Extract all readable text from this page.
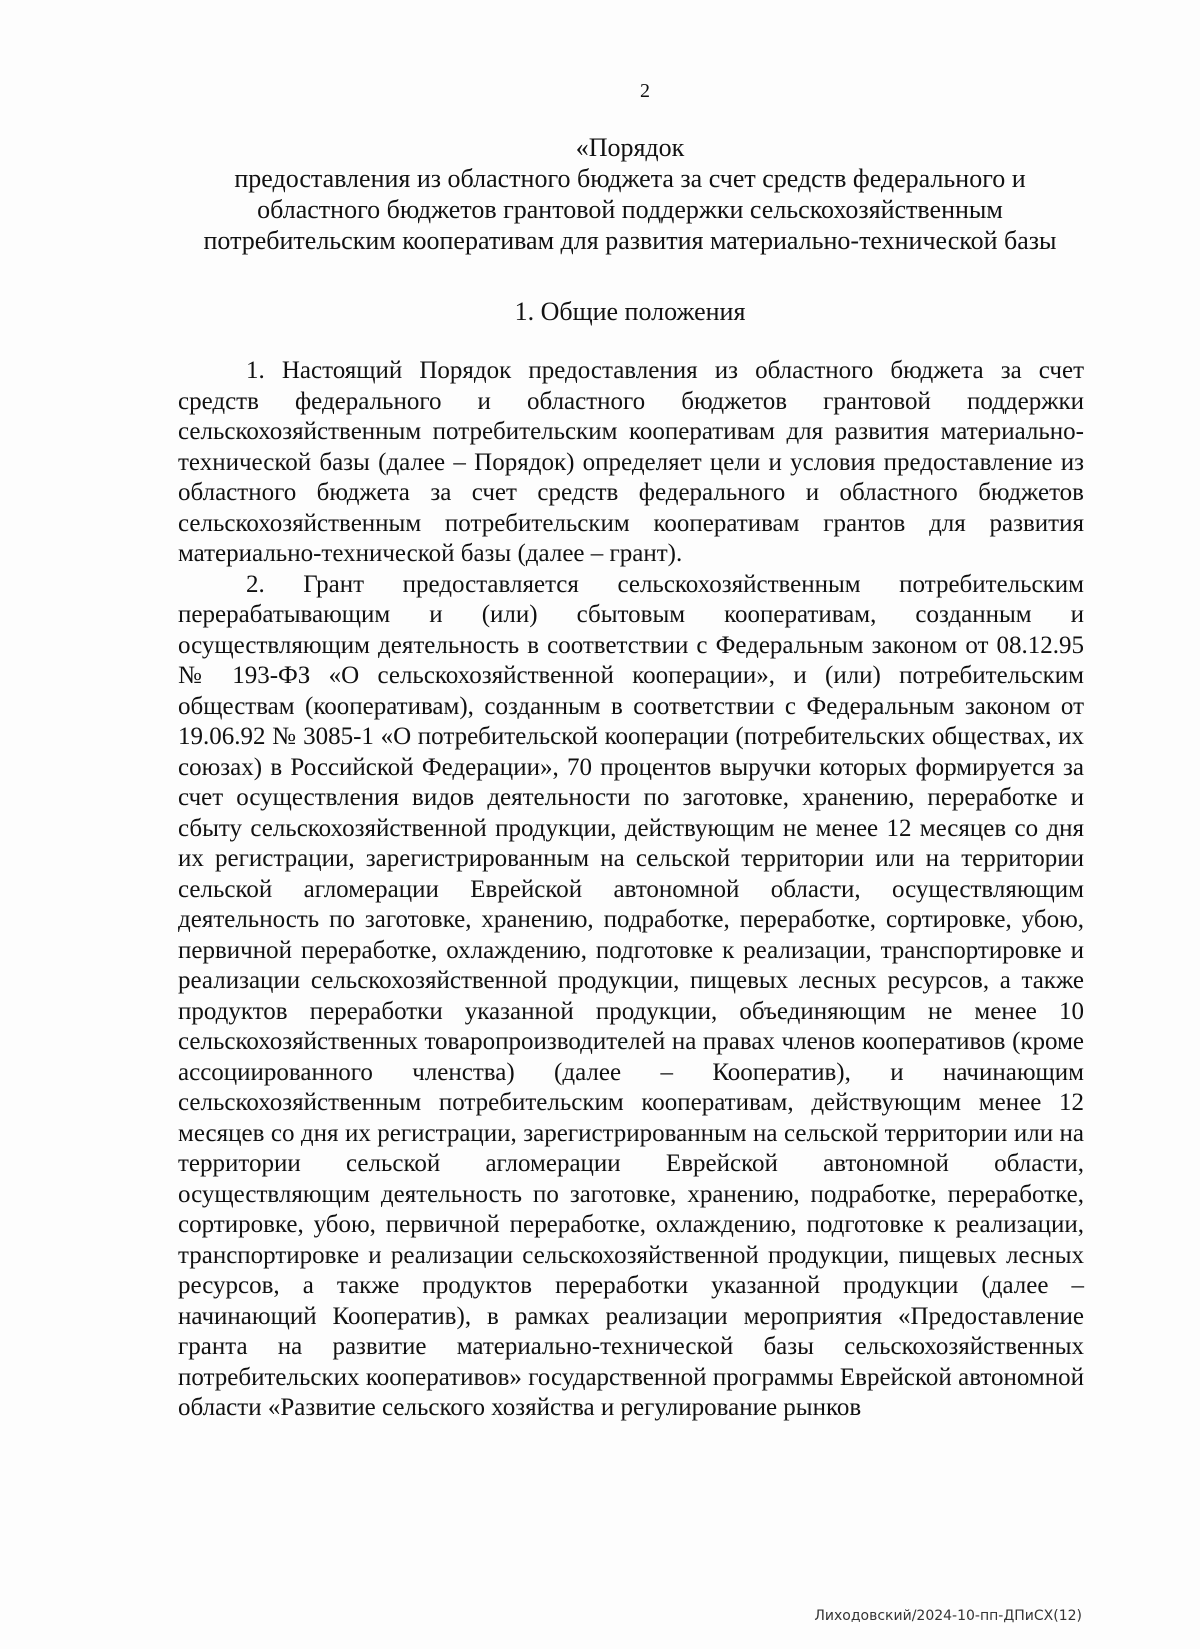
2
«Порядок
предоставления из областного бюджета за счет средств федерального и
областного бюджетов грантовой поддержки сельскохозяйственным
потребительским кооперативам для развития материально-технической базы
1. Общие положения

1. Настоящий Порядок предоставления из областного бюджета за счет средств федерального и областного бюджетов грантовой поддержки сельскохозяйственным потребительским кооперативам для развития материально-технической базы (далее – Порядок) определяет цели и условия предоставление из областного бюджета за счет средств федерального и областного бюджетов сельскохозяйственным потребительским кооперативам грантов для развития материально-технической базы (далее – грант).

2. Грант предоставляется сельскохозяйственным потребительским перерабатывающим и (или) сбытовым кооперативам, созданным и осуществляющим деятельность в соответствии с Федеральным законом от 08.12.95 № 193-ФЗ «О сельскохозяйственной кооперации», и (или) потребительским обществам (кооперативам), созданным в соответствии с Федеральным законом от 19.06.92 № 3085-1 «О потребительской кооперации (потребительских обществах, их союзах) в Российской Федерации», 70 процентов выручки которых формируется за счет осуществления видов деятельности по заготовке, хранению, переработке и сбыту сельскохозяйственной продукции, действующим не менее 12 месяцев со дня их регистрации, зарегистрированным на сельской территории или на территории сельской агломерации Еврейской автономной области, осуществляющим деятельность по заготовке, хранению, подработке, переработке, сортировке, убою, первичной переработке, охлаждению, подготовке к реализации, транспортировке и реализации сельскохозяйственной продукции, пищевых лесных ресурсов, а также продуктов переработки указанной продукции, объединяющим не менее 10 сельскохозяйственных товаропроизводителей на правах членов кооперативов (кроме ассоциированного членства) (далее – Кооператив), и начинающим сельскохозяйственным потребительским кооперативам, действующим менее 12 месяцев со дня их регистрации, зарегистрированным на сельской территории или на территории сельской агломерации Еврейской автономной области, осуществляющим деятельность по заготовке, хранению, подработке, переработке, сортировке, убою, первичной переработке, охлаждению, подготовке к реализации, транспортировке и реализации сельскохозяйственной продукции, пищевых лесных ресурсов, а также продуктов переработки указанной продукции (далее – начинающий Кооператив), в рамках реализации мероприятия «Предоставление гранта на развитие материально-технической базы сельскохозяйственных потребительских кооперативов» государственной программы Еврейской автономной области «Развитие сельского хозяйства и регулирование рынков

Лиходовский/2024-10-пп-ДПиСХ(12)
